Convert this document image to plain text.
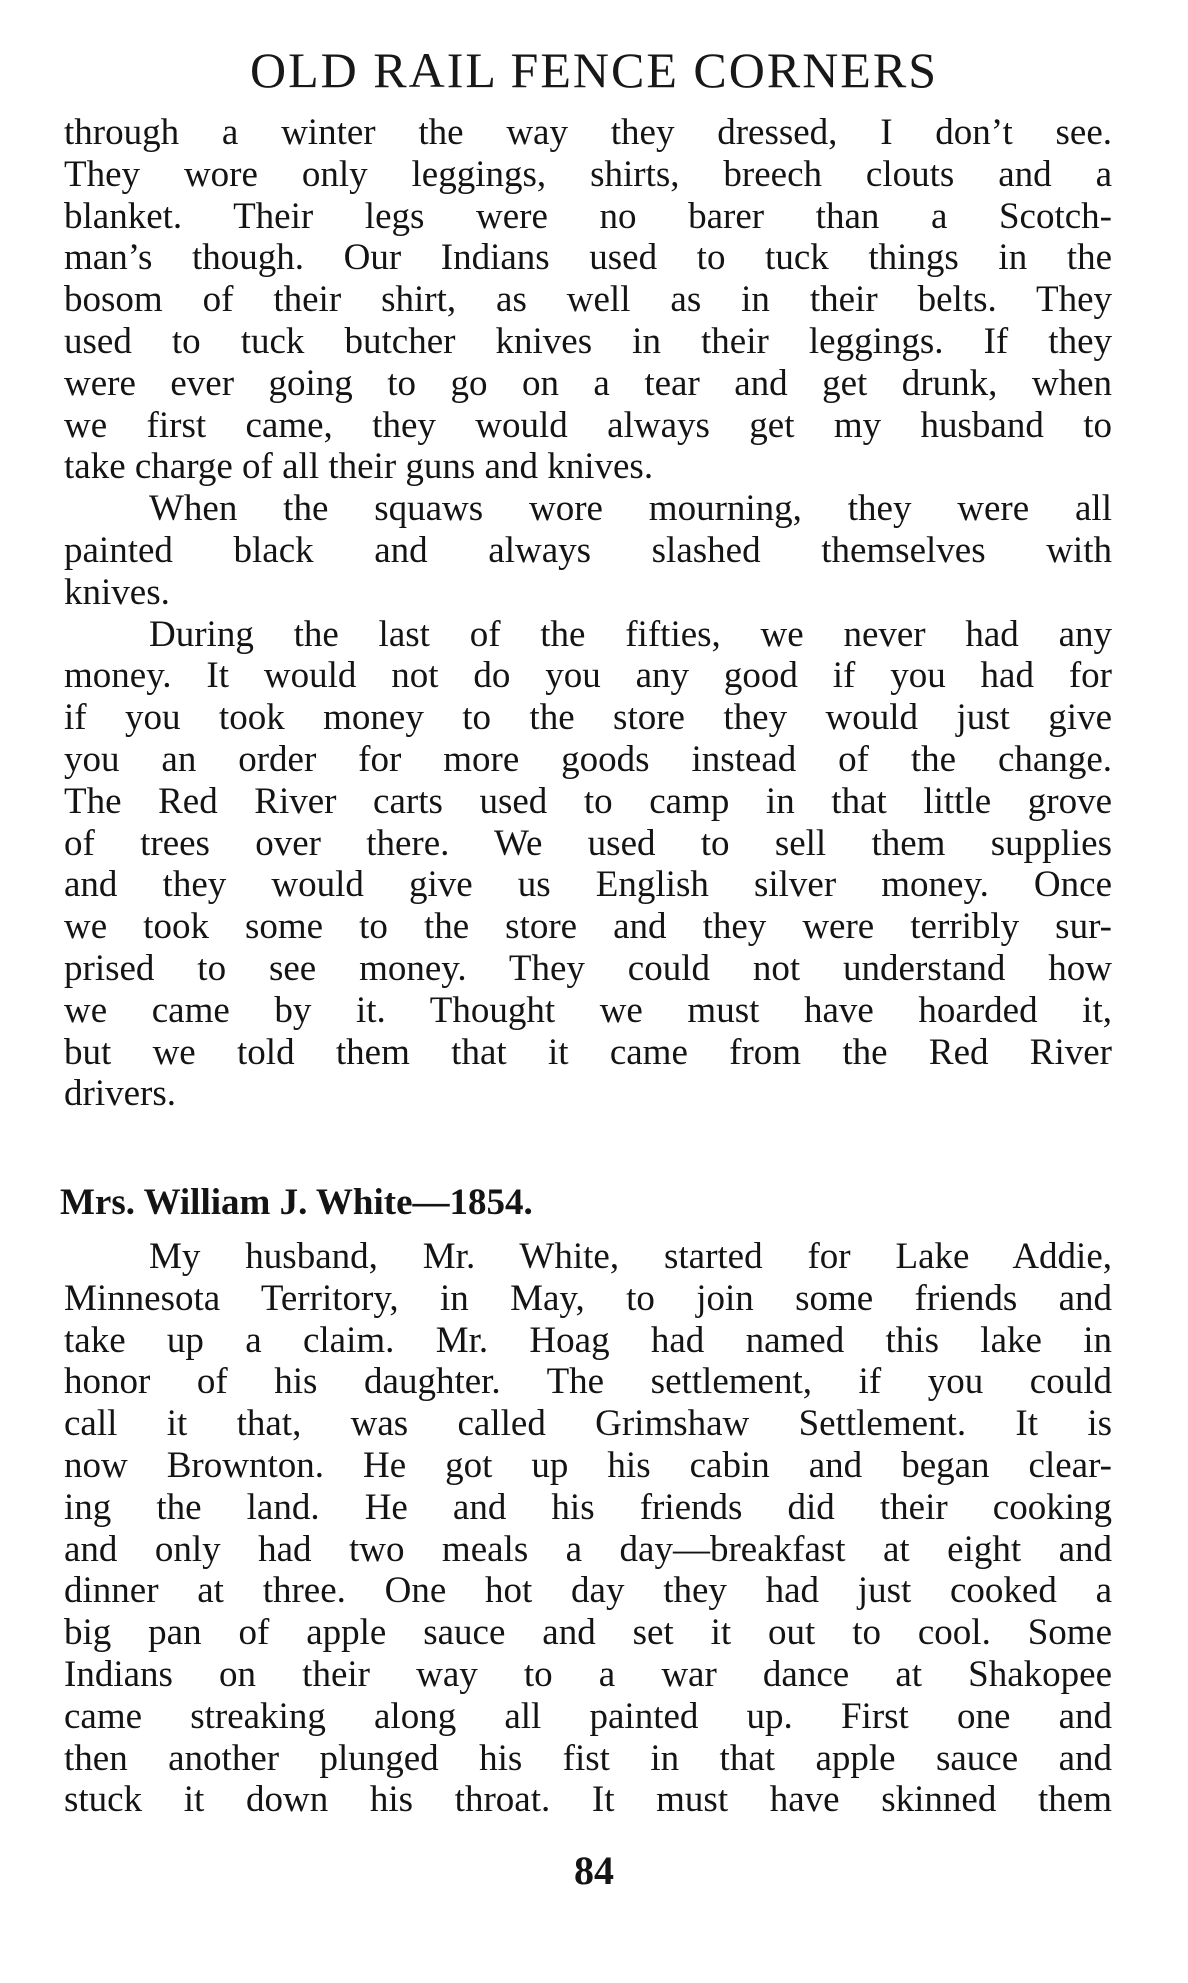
OLD RAIL FENCE CORNERS
through a winter the way they dressed, I don’t see.
They wore only leggings, shirts, breech clouts and a
blanket. Their legs were no barer than a Scotch-
man’s though. Our Indians used to tuck things in the
bosom of their shirt, as well as in their belts. They
used to tuck butcher knives in their leggings. If they
were ever going to go on a tear and get drunk, when
we first came, they would always get my husband to
take charge of all their guns and knives.
When the squaws wore mourning, they were all
painted black and always slashed themselves with
knives.
During the last of the fifties, we never had any
money. It would not do you any good if you had for
if you took money to the store they would just give
you an order for more goods instead of the change.
The Red River carts used to camp in that little grove
of trees over there. We used to sell them supplies
and they would give us English silver money. Once
we took some to the store and they were terribly sur-
prised to see money. They could not understand how
we came by it. Thought we must have hoarded it,
but we told them that it came from the Red River
drivers.
Mrs. William J. White—1854.
My husband, Mr. White, started for Lake Addie,
Minnesota Territory, in May, to join some friends and
take up a claim. Mr. Hoag had named this lake in
honor of his daughter. The settlement, if you could
call it that, was called Grimshaw Settlement. It is
now Brownton. He got up his cabin and began clear-
ing the land. He and his friends did their cooking
and only had two meals a day—breakfast at eight and
dinner at three. One hot day they had just cooked a
big pan of apple sauce and set it out to cool. Some
Indians on their way to a war dance at Shakopee
came streaking along all painted up. First one and
then another plunged his fist in that apple sauce and
stuck it down his throat. It must have skinned them
84
